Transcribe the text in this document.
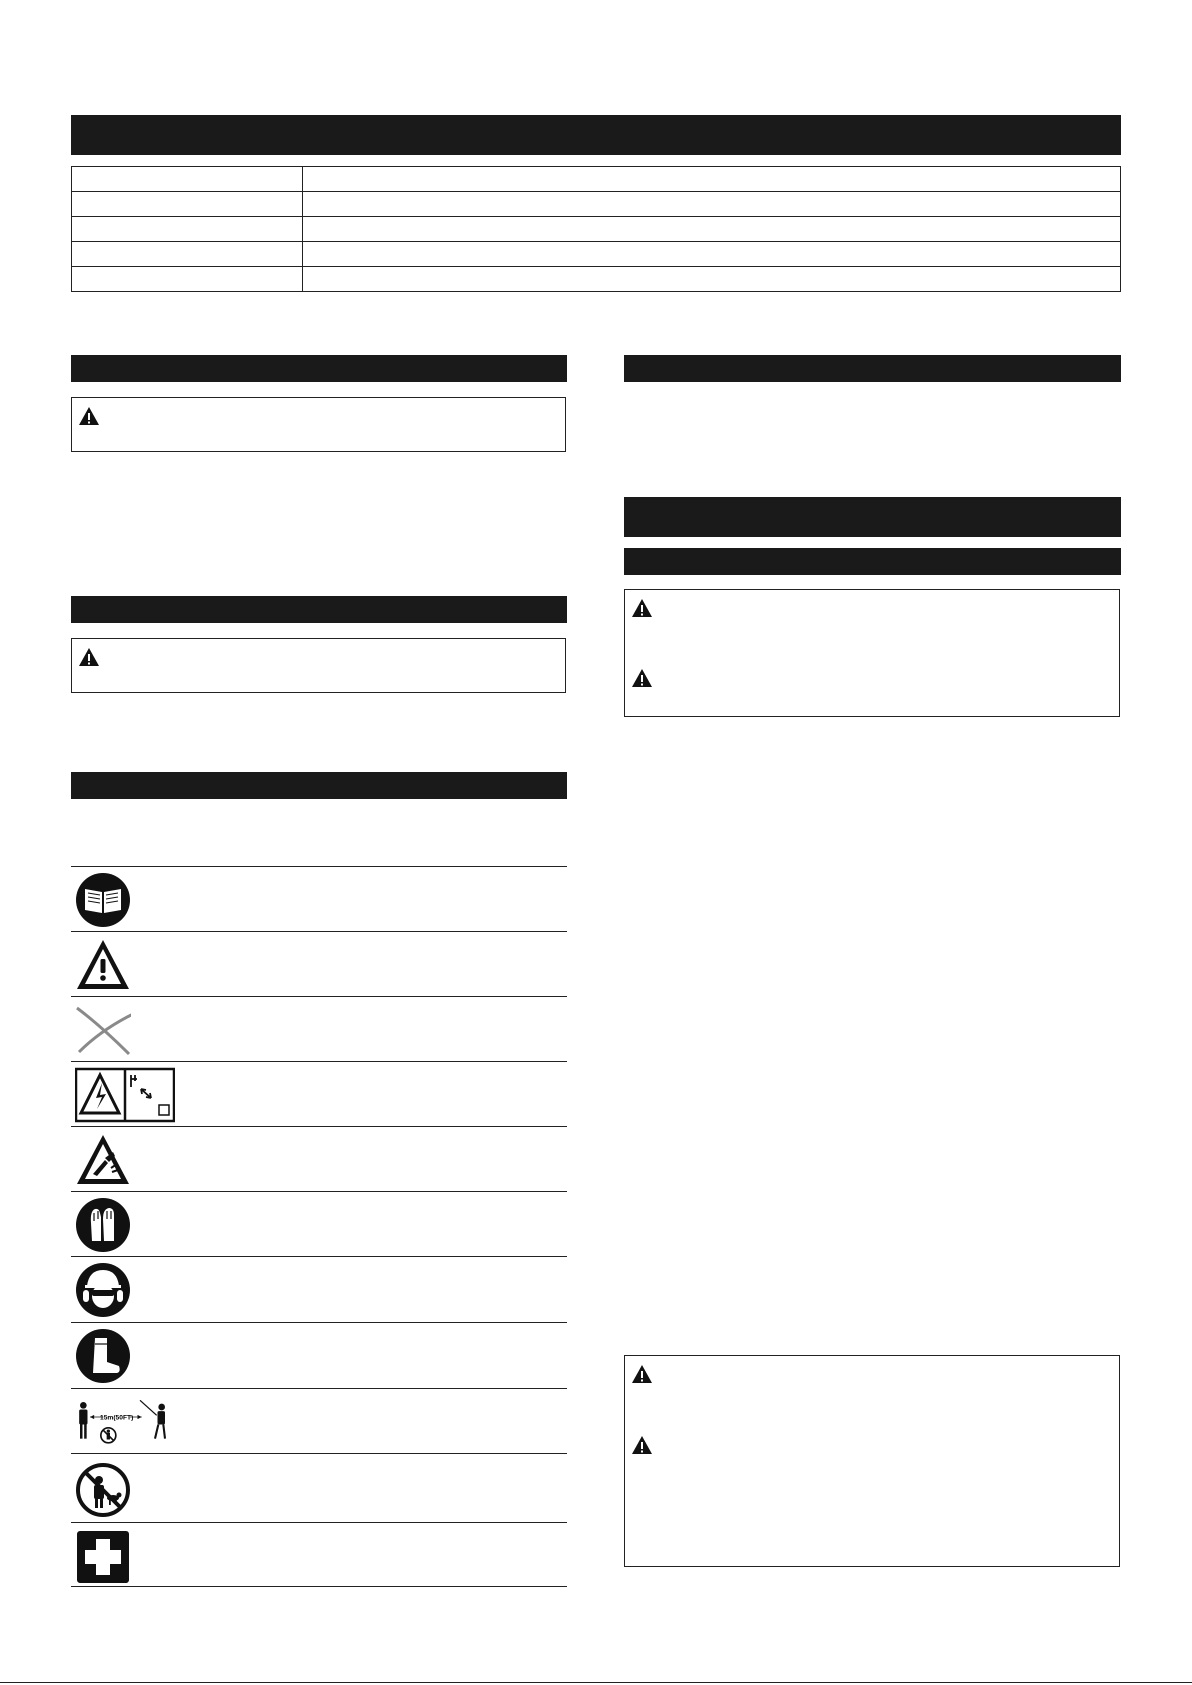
15m(50FT)
